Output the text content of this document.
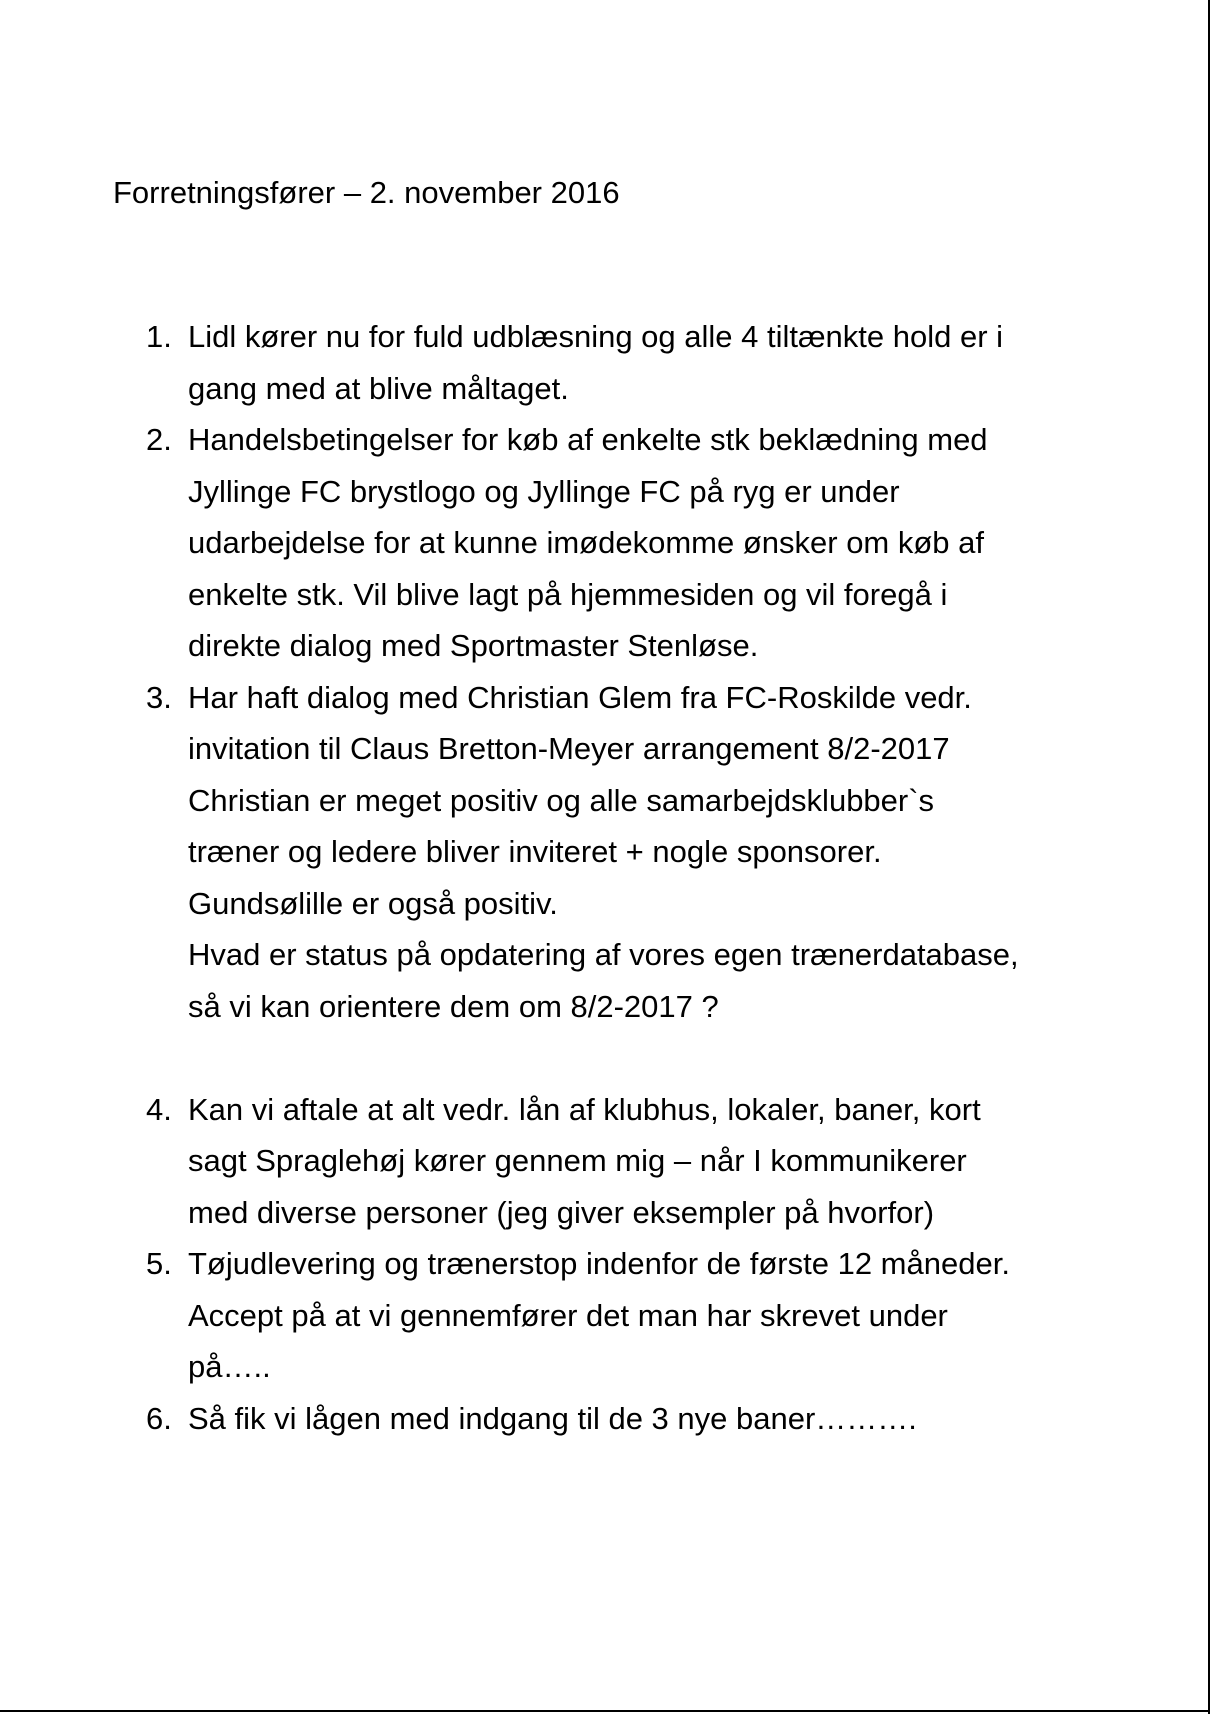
Forretningsfører – 2. november 2016
1. Lidl kører nu for fuld udblæsning og alle 4 tiltænkte hold er i
gang med at blive måltaget.
2. Handelsbetingelser for køb af enkelte stk beklædning med
Jyllinge FC brystlogo og Jyllinge FC på ryg er under
udarbejdelse for at kunne imødekomme ønsker om køb af
enkelte stk. Vil blive lagt på hjemmesiden og vil foregå i
direkte dialog med Sportmaster Stenløse.
3. Har haft dialog med Christian Glem fra FC-Roskilde vedr.
invitation til Claus Bretton-Meyer arrangement 8/2-2017
Christian er meget positiv og alle samarbejdsklubber`s
træner og ledere bliver inviteret + nogle sponsorer.
Gundsølille er også positiv.
Hvad er status på opdatering af vores egen trænerdatabase,
så vi kan orientere dem om 8/2-2017 ?
4. Kan vi aftale at alt vedr. lån af klubhus, lokaler, baner, kort
sagt Spraglehøj kører gennem mig – når I kommunikerer
med diverse personer (jeg giver eksempler på hvorfor)
5. Tøjudlevering og trænerstop indenfor de første 12 måneder.
Accept på at vi gennemfører det man har skrevet under
på…..
6. Så fik vi lågen med indgang til de 3 nye baner……….
